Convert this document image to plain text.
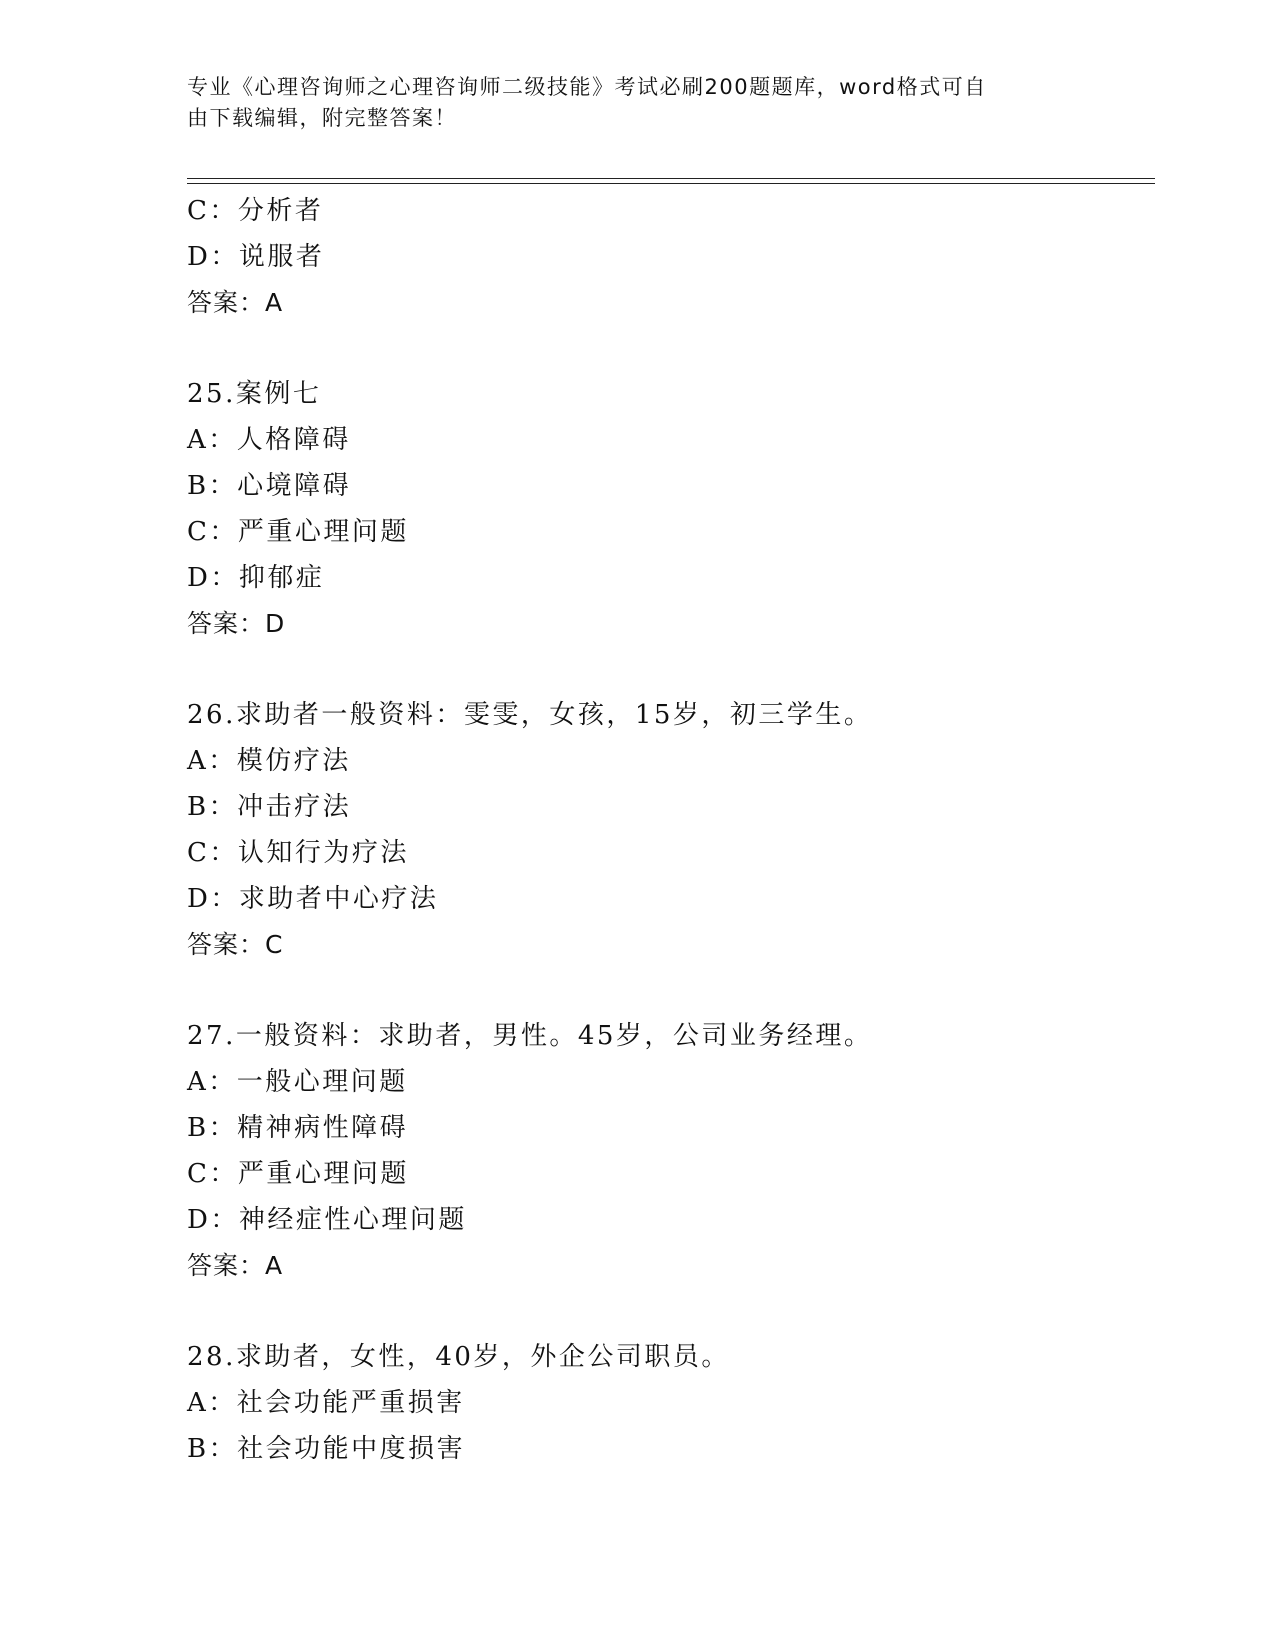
专业《心理咨询师之心理咨询师二级技能》考试必刷200题题库，word格式可自
由下载编辑，附完整答案！
C：分析者
D：说服者
答案：A
25.案例七
A：人格障碍
B：心境障碍
C：严重心理问题
D：抑郁症
答案：D
26.求助者一般资料：雯雯，女孩，15岁，初三学生。
A：模仿疗法
B：冲击疗法
C：认知行为疗法
D：求助者中心疗法
答案：C
27.一般资料：求助者，男性。45岁，公司业务经理。
A：一般心理问题
B：精神病性障碍
C：严重心理问题
D：神经症性心理问题
答案：A
28.求助者，女性，40岁，外企公司职员。
A：社会功能严重损害
B：社会功能中度损害
